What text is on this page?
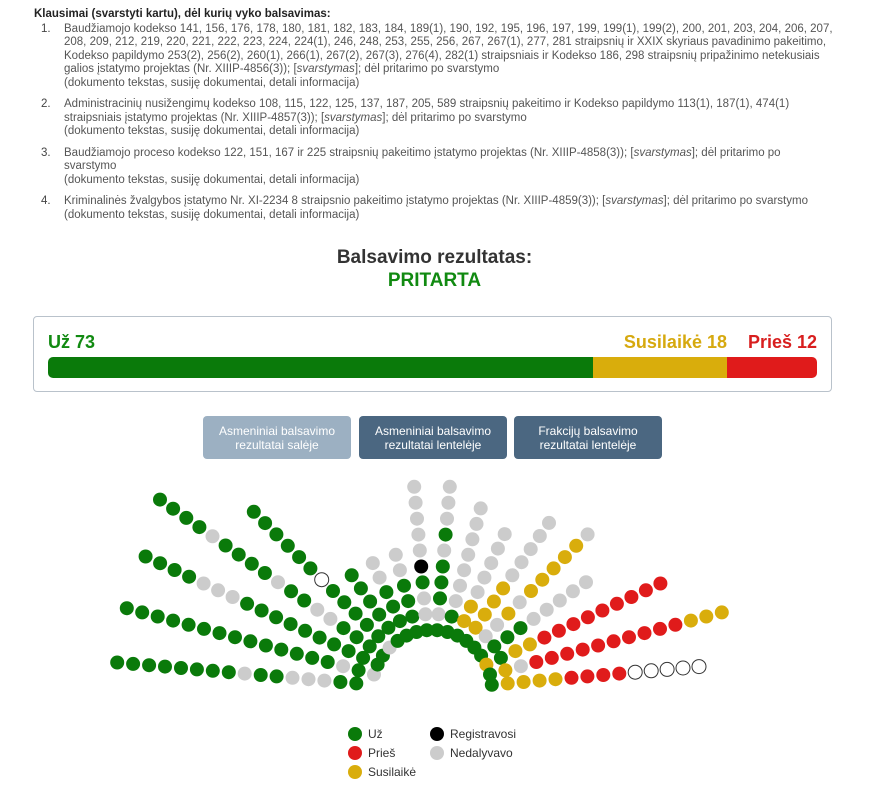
Klausimai (svarstyti kartu), dėl kurių vyko balsavimas:
1.	Baudžiamojo kodekso 141, 156, 176, 178, 180, 181, 182, 183, 184, 189(1), 190, 192, 195, 196, 197, 199, 199(1), 199(2), 200, 201, 203, 204, 206, 207, 208, 209, 212, 219, 220, 221, 222, 223, 224, 224(1), 246, 248, 253, 255, 256, 267, 267(1), 277, 281 straipsnių ir XXIX skyriaus pavadinimo pakeitimo, Kodekso papildymo 253(2), 256(2), 260(1), 266(1), 267(2), 267(3), 276(4), 282(1) straipsniais ir Kodekso 186, 298 straipsnių pripažinimo netekusiais galios įstatymo projektas (Nr. XIIIP-4856(3)); [svarstymas]; dėl pritarimo po svarstymo
(dokumento tekstas, susiję dokumentai, detali informacija)
2.	Administracinių nusižengimų kodekso 108, 115, 122, 125, 137, 187, 205, 589 straipsnių pakeitimo ir Kodekso papildymo 113(1), 187(1), 474(1) straipsniais įstatymo projektas (Nr. XIIIP-4857(3)); [svarstymas]; dėl pritarimo po svarstymo
(dokumento tekstas, susiję dokumentai, detali informacija)
3.	Baudžiamojo proceso kodekso 122, 151, 167 ir 225 straipsnių pakeitimo įstatymo projektas (Nr. XIIIP-4858(3)); [svarstymas]; dėl pritarimo po svarstymo
(dokumento tekstas, susiję dokumentai, detali informacija)
4.	Kriminalinės žvalgybos įstatymo Nr. XI-2234 8 straipsnio pakeitimo įstatymo projektas (Nr. XIIIP-4859(3)); [svarstymas]; dėl pritarimo po svarstymo
(dokumento tekstas, susiję dokumentai, detali informacija)
Balsavimo rezultatas:
PRITARTA
Už 73	Susilaikė 18 Prieš 12
Asmeniniai balsavimo rezultatai salėje
Asmeniniai balsavimo rezultatai lentelėje
Frakcijų balsavimo rezultatai lentelėje
Už
Prieš
Susilaikė
Registravosi
Nedalyvavo
